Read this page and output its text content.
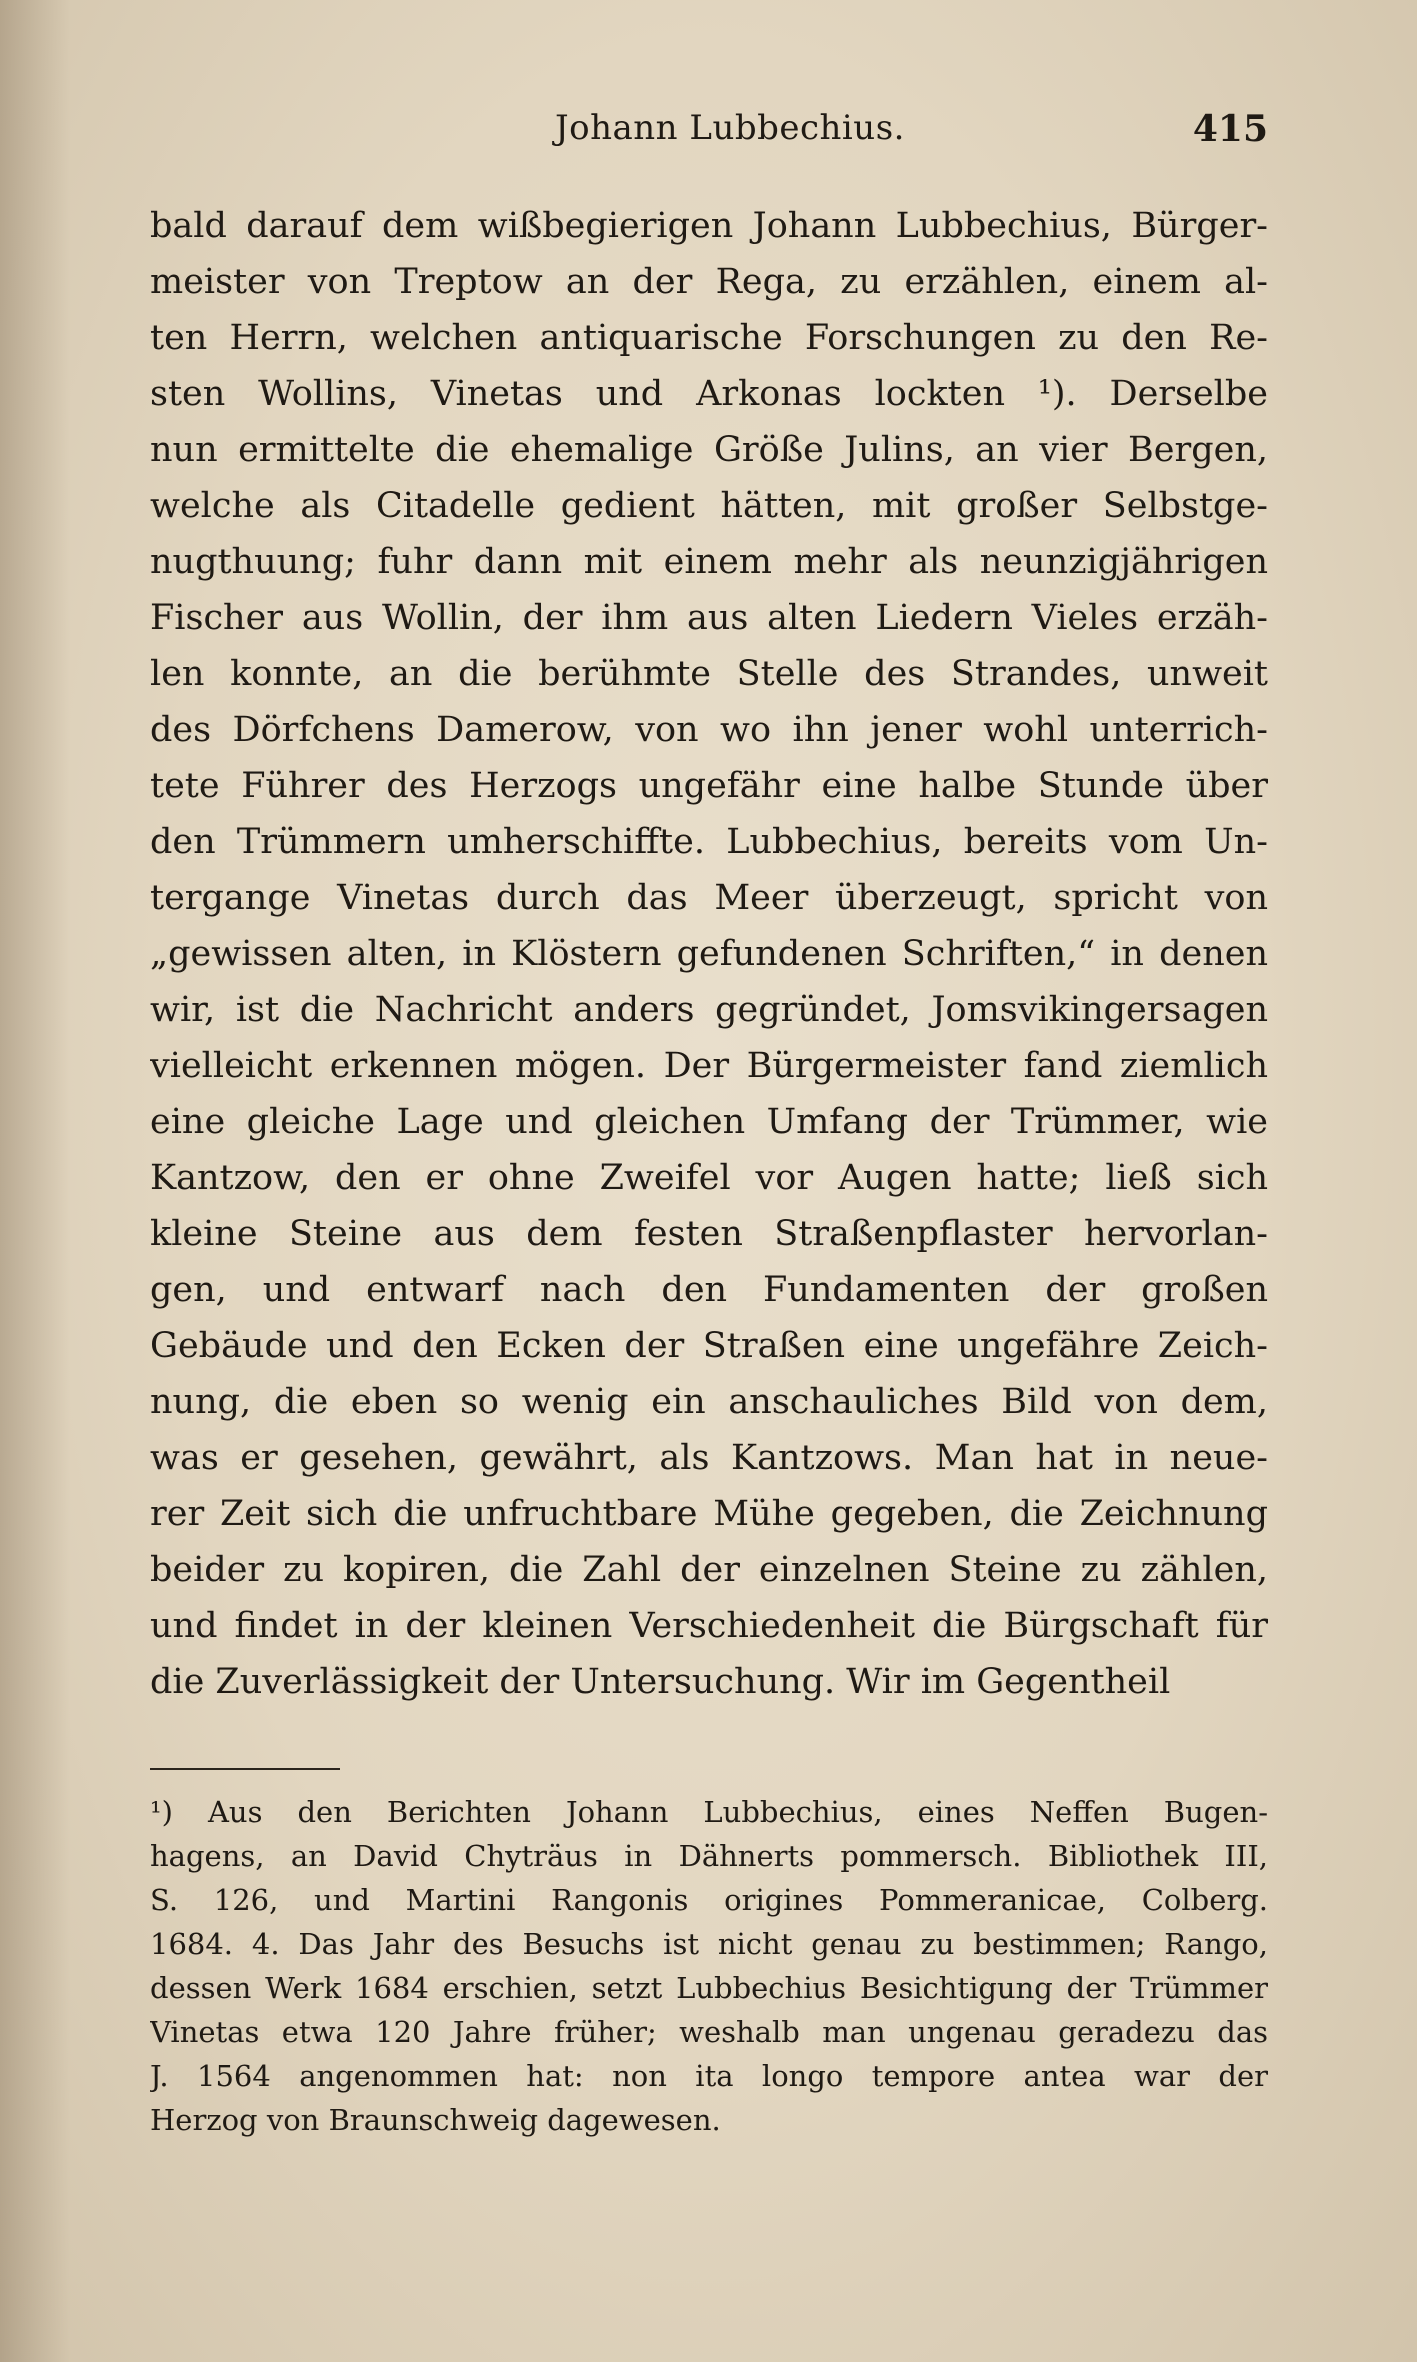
Johann Lubbechius.	415
bald darauf dem wißbegierigen Johann Lubbechius, Bürger-
meister von Treptow an der Rega, zu erzählen, einem al-
ten Herrn, welchen antiquarische Forschungen zu den Re-
sten Wollins, Vinetas und Arkonas lockten ¹). Derselbe
nun ermittelte die ehemalige Größe Julins, an vier Bergen,
welche als Citadelle gedient hätten, mit großer Selbstge-
nugthuung; fuhr dann mit einem mehr als neunzigjährigen
Fischer aus Wollin, der ihm aus alten Liedern Vieles erzäh-
len konnte, an die berühmte Stelle des Strandes, unweit
des Dörfchens Damerow, von wo ihn jener wohl unterrich-
tete Führer des Herzogs ungefähr eine halbe Stunde über
den Trümmern umherschiffte. Lubbechius, bereits vom Un-
tergange Vinetas durch das Meer überzeugt, spricht von
„gewissen alten, in Klöstern gefundenen Schriften,“ in denen
wir, ist die Nachricht anders gegründet, Jomsvikingersagen
vielleicht erkennen mögen. Der Bürgermeister fand ziemlich
eine gleiche Lage und gleichen Umfang der Trümmer, wie
Kantzow, den er ohne Zweifel vor Augen hatte; ließ sich
kleine Steine aus dem festen Straßenpflaster hervorlan-
gen, und entwarf nach den Fundamenten der großen
Gebäude und den Ecken der Straßen eine ungefähre Zeich-
nung, die eben so wenig ein anschauliches Bild von dem,
was er gesehen, gewährt, als Kantzows. Man hat in neue-
rer Zeit sich die unfruchtbare Mühe gegeben, die Zeichnung
beider zu kopiren, die Zahl der einzelnen Steine zu zählen,
und findet in der kleinen Verschiedenheit die Bürgschaft für
die Zuverlässigkeit der Untersuchung. Wir im Gegentheil
¹) Aus den Berichten Johann Lubbechius, eines Neffen Bugen-
hagens, an David Chyträus in Dähnerts pommersch. Bibliothek III,
S. 126, und Martini Rangonis origines Pommeranicae, Colberg.
1684. 4. Das Jahr des Besuchs ist nicht genau zu bestimmen; Rango,
dessen Werk 1684 erschien, setzt Lubbechius Besichtigung der Trümmer
Vinetas etwa 120 Jahre früher; weshalb man ungenau geradezu das
J. 1564 angenommen hat: non ita longo tempore antea war der
Herzog von Braunschweig dagewesen.
